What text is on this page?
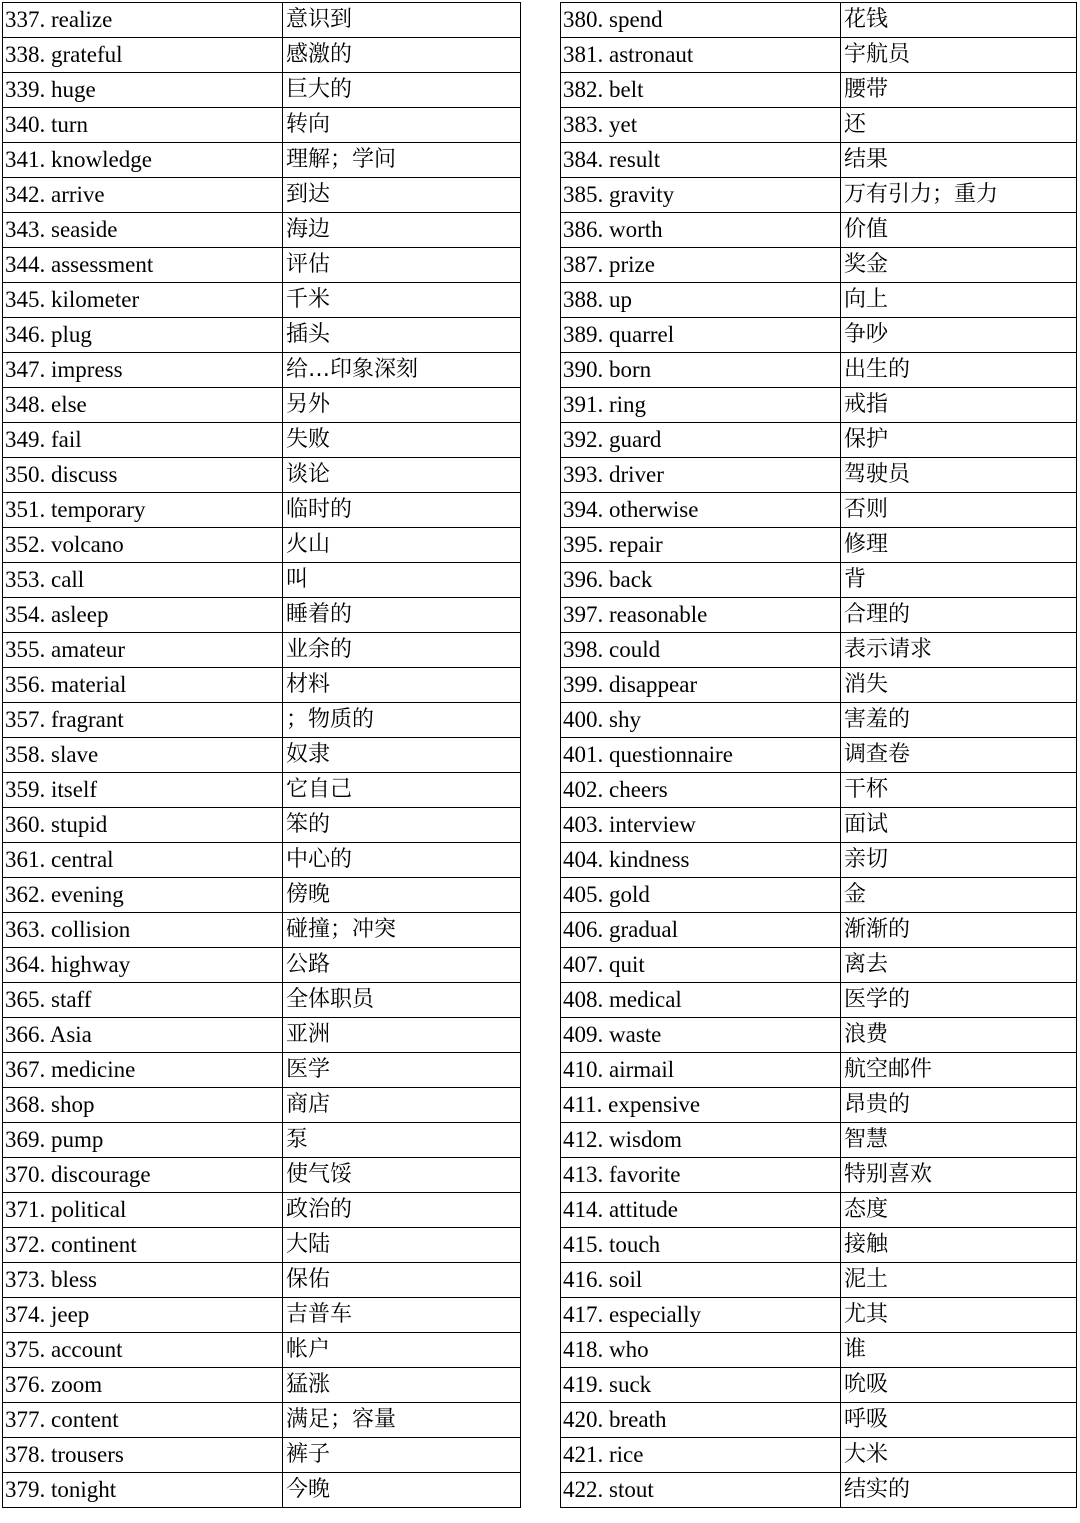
337. realize	意识到
338. grateful	感激的
339. huge	巨大的
340. turn	转向
341. knowledge	理解；学问
342. arrive	到达
343. seaside	海边
344. assessment	评估
345. kilometer	千米
346. plug	插头
347. impress	给…印象深刻
348. else	另外
349. fail	失败
350. discuss	谈论
351. temporary	临时的
352. volcano	火山
353. call	叫
354. asleep	睡着的
355. amateur	业余的
356. material	材料
357. fragrant	；物质的
358. slave	奴隶
359. itself	它自己
360. stupid	笨的
361. central	中心的
362. evening	傍晚
363. collision	碰撞；冲突
364. highway	公路
365. staff	全体职员
366. Asia	亚洲
367. medicine	医学
368. shop	商店
369. pump	泵
370. discourage	使气馁
371. political	政治的
372. continent	大陆
373. bless	保佑
374. jeep	吉普车
375. account	帐户
376. zoom	猛涨
377. content	满足；容量
378. trousers	裤子
379. tonight	今晚
380. spend	花钱
381. astronaut	宇航员
382. belt	腰带
383. yet	还
384. result	结果
385. gravity	万有引力；重力
386. worth	价值
387. prize	奖金
388. up	向上
389. quarrel	争吵
390. born	出生的
391. ring	戒指
392. guard	保护
393. driver	驾驶员
394. otherwise	否则
395. repair	修理
396. back	背
397. reasonable	合理的
398. could	表示请求
399. disappear	消失
400. shy	害羞的
401. questionnaire	调查卷
402. cheers	干杯
403. interview	面试
404. kindness	亲切
405. gold	金
406. gradual	渐渐的
407. quit	离去
408. medical	医学的
409. waste	浪费
410. airmail	航空邮件
411. expensive	昂贵的
412. wisdom	智慧
413. favorite	特别喜欢
414. attitude	态度
415. touch	接触
416. soil	泥土
417. especially	尤其
418. who	谁
419. suck	吮吸
420. breath	呼吸
421. rice	大米
422. stout	结实的
